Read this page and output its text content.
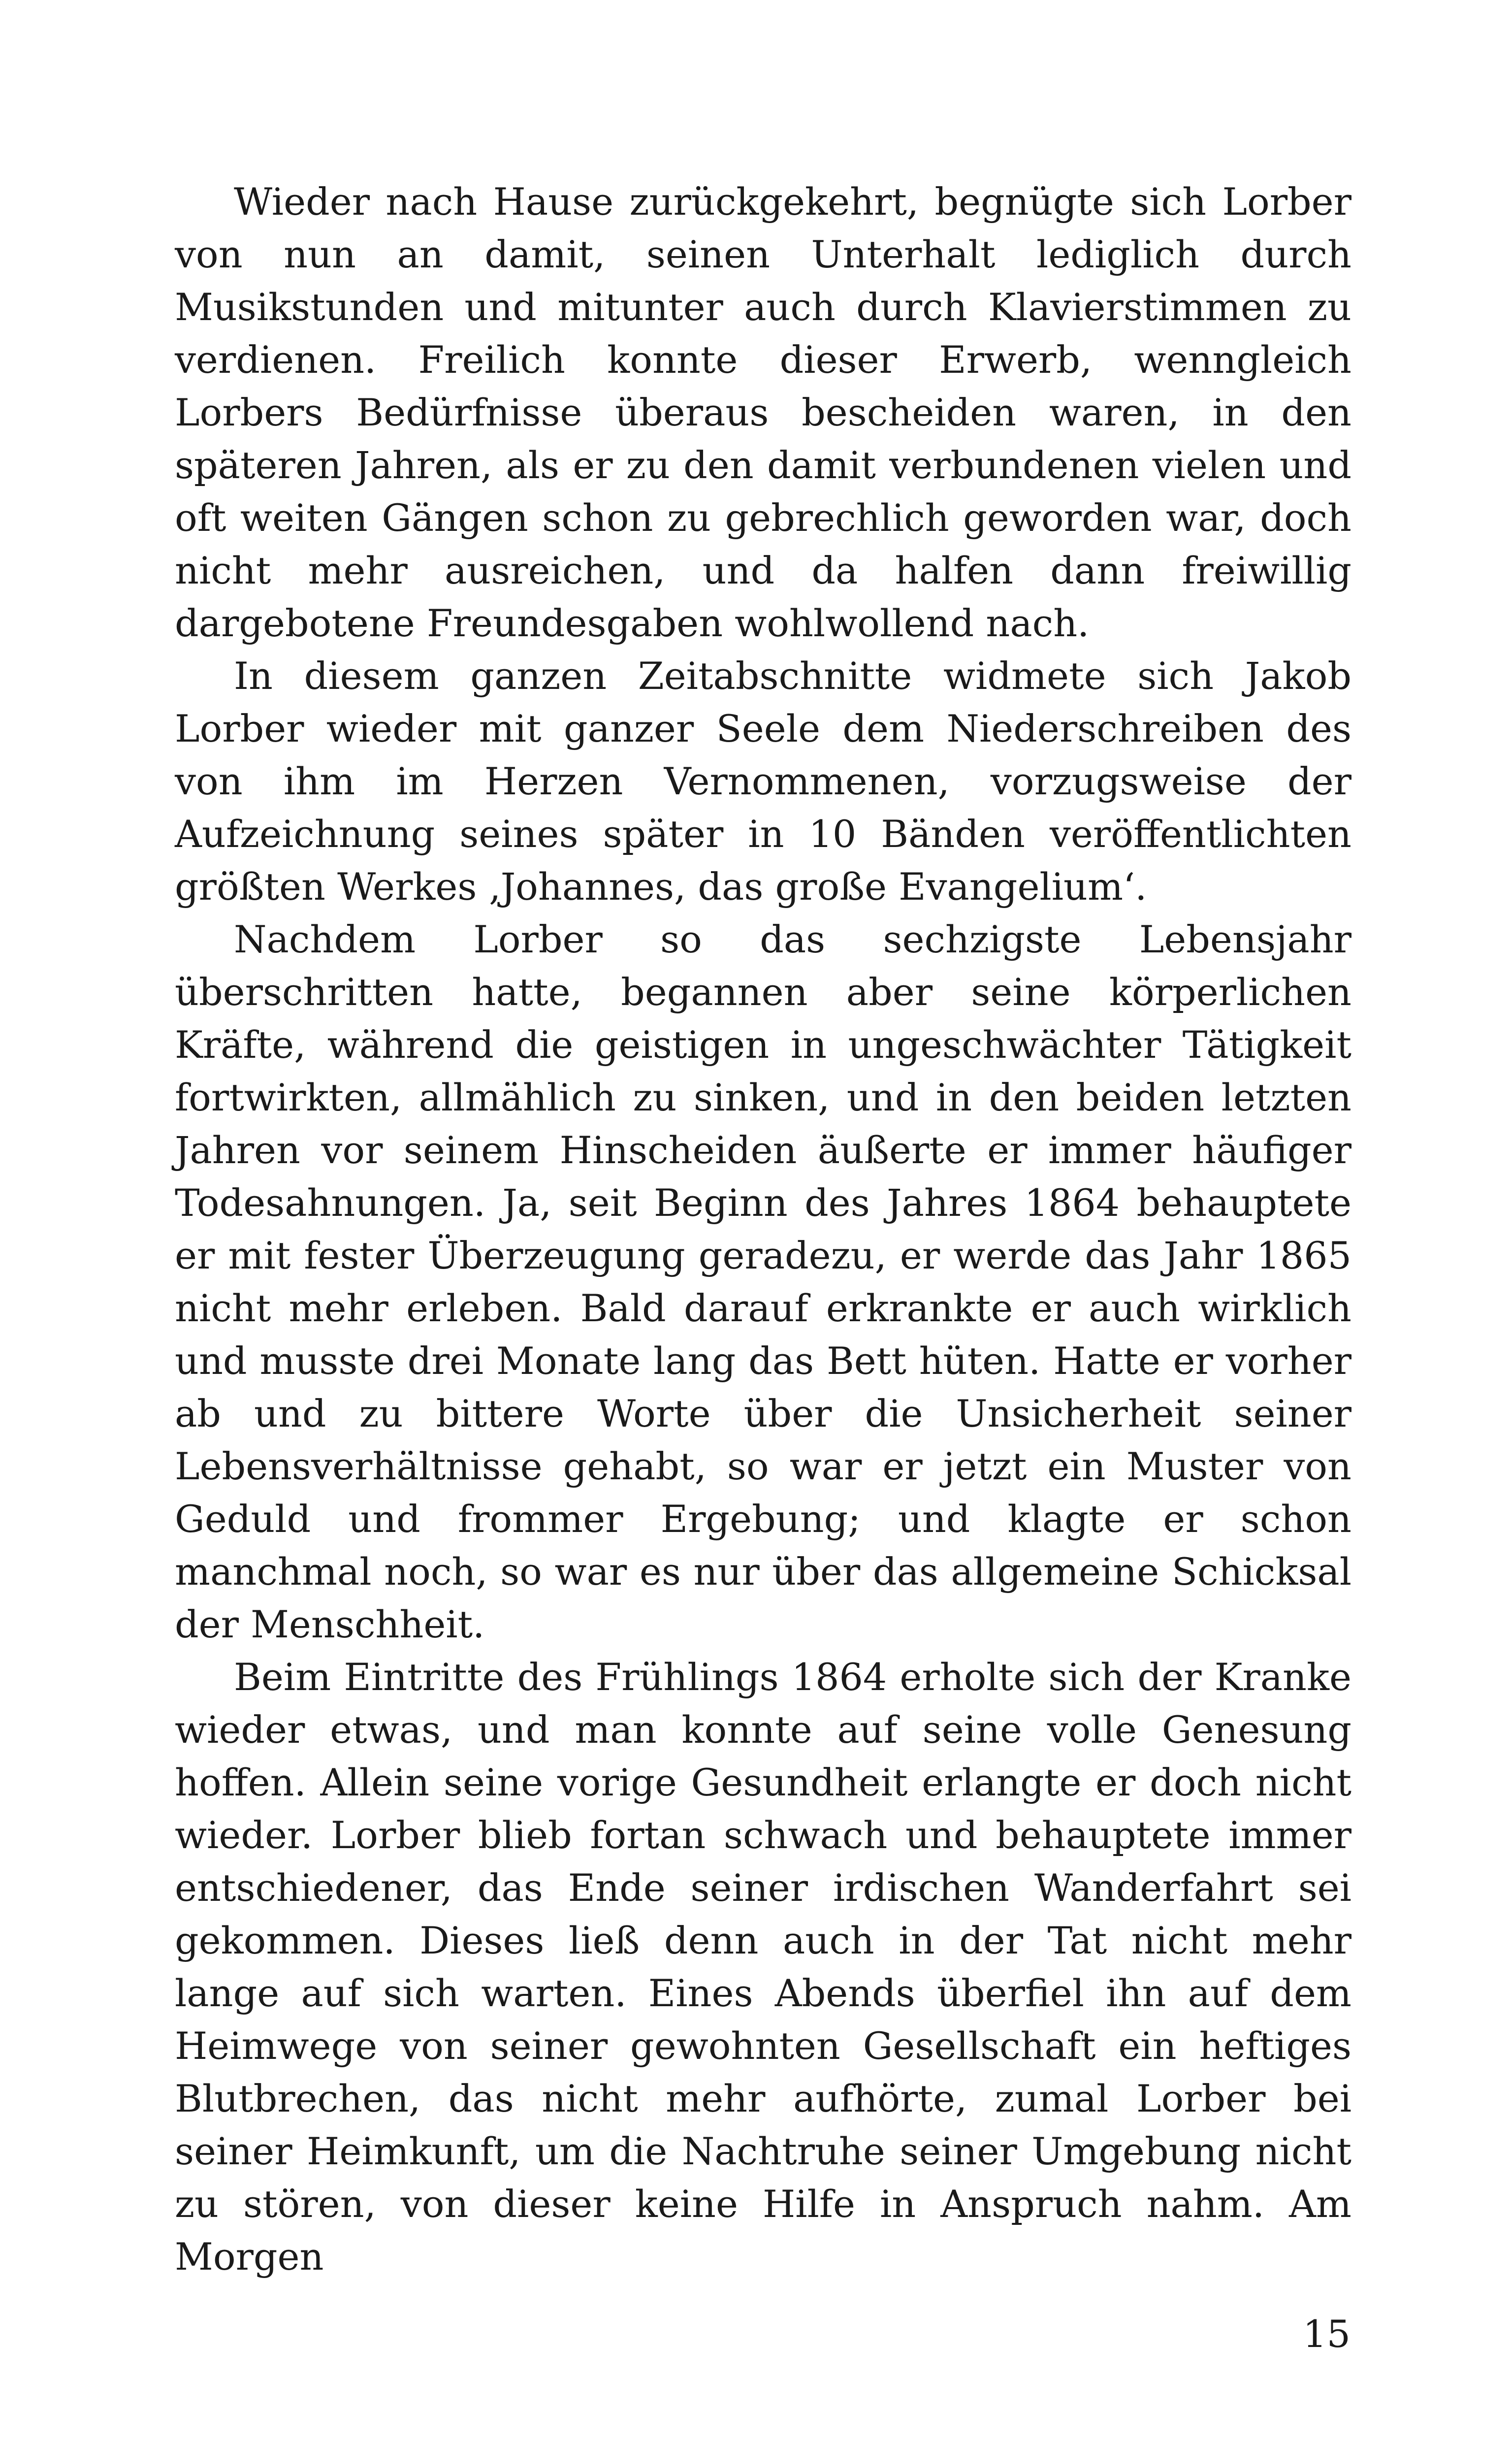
Wieder nach Hause zurückgekehrt, begnügte sich Lorber von nun an damit, seinen Unterhalt lediglich durch Musikstunden und mitunter auch durch Klavierstimmen zu verdienen. Freilich konnte dieser Erwerb, wenngleich Lorbers Bedürfnisse überaus bescheiden waren, in den späteren Jahren, als er zu den damit verbundenen vielen und oft weiten Gängen schon zu gebrechlich geworden war, doch nicht mehr ausreichen, und da halfen dann freiwillig dargebotene Freundesgaben wohlwollend nach.

In diesem ganzen Zeitabschnitte widmete sich Jakob Lorber wieder mit ganzer Seele dem Niederschreiben des von ihm im Herzen Vernommenen, vorzugsweise der Aufzeichnung seines später in 10 Bänden veröffentlichten größten Werkes ‚Johannes, das große Evangelium‘.

Nachdem Lorber so das sechzigste Lebensjahr überschritten hatte, begannen aber seine körperlichen Kräfte, während die geistigen in ungeschwächter Tätigkeit fortwirkten, allmählich zu sinken, und in den beiden letzten Jahren vor seinem Hinscheiden äußerte er immer häufiger Todesahnungen. Ja, seit Beginn des Jahres 1864 behauptete er mit fester Überzeugung geradezu, er werde das Jahr 1865 nicht mehr erleben. Bald darauf erkrankte er auch wirklich und musste drei Monate lang das Bett hüten. Hatte er vorher ab und zu bittere Worte über die Unsicherheit seiner Lebensverhältnisse gehabt, so war er jetzt ein Muster von Geduld und frommer Ergebung; und klagte er schon manchmal noch, so war es nur über das allgemeine Schicksal der Menschheit.

Beim Eintritte des Frühlings 1864 erholte sich der Kranke wieder etwas, und man konnte auf seine volle Genesung hoffen. Allein seine vorige Gesundheit erlangte er doch nicht wieder. Lorber blieb fortan schwach und behauptete immer entschiedener, das Ende seiner irdischen Wanderfahrt sei gekommen. Dieses ließ denn auch in der Tat nicht mehr lange auf sich warten. Eines Abends überfiel ihn auf dem Heimwege von seiner gewohnten Gesellschaft ein heftiges Blutbrechen, das nicht mehr aufhörte, zumal Lorber bei seiner Heimkunft, um die Nachtruhe seiner Umgebung nicht zu stören, von dieser keine Hilfe in Anspruch nahm. Am Morgen

15
